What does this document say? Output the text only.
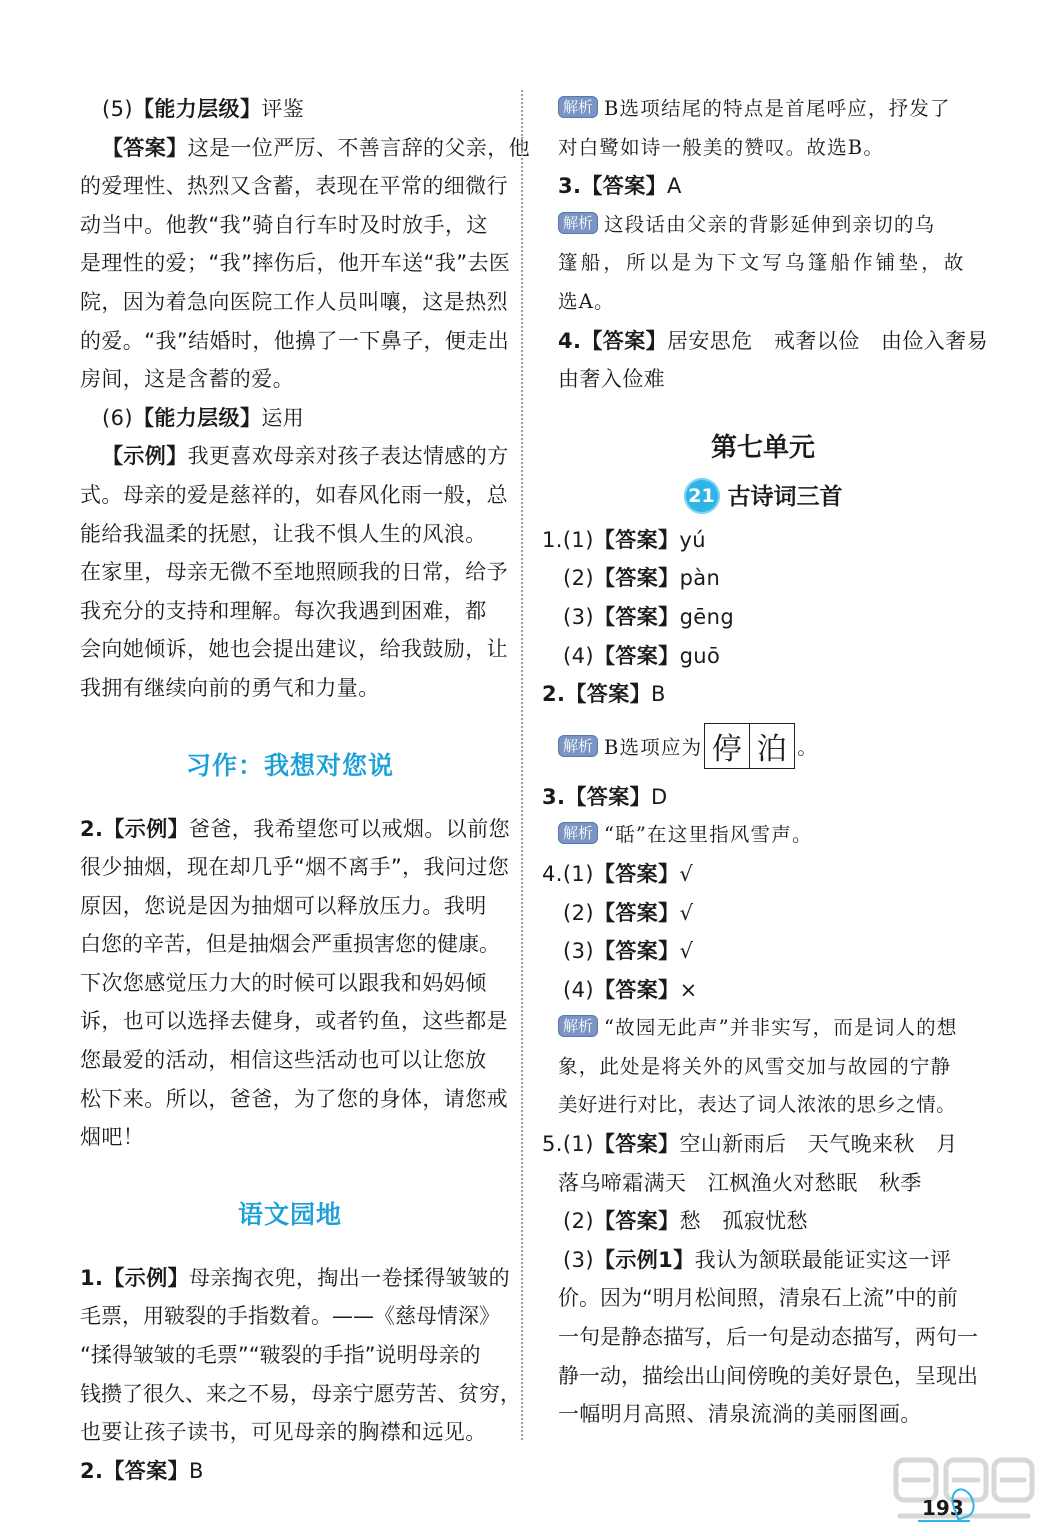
(5)【能力层级】评鉴
【答案】这是一位严厉、不善言辞的父亲，他
的爱理性、热烈又含蓄，表现在平常的细微行
动当中。他教“我”骑自行车时及时放手，这
是理性的爱；“我”摔伤后，他开车送“我”去医
院，因为着急向医院工作人员叫嚷，这是热烈
的爱。“我”结婚时，他擤了一下鼻子，便走出
房间，这是含蓄的爱。
(6)【能力层级】运用
【示例】我更喜欢母亲对孩子表达情感的方
式。母亲的爱是慈祥的，如春风化雨一般，总
能给我温柔的抚慰，让我不惧人生的风浪。
在家里，母亲无微不至地照顾我的日常，给予
我充分的支持和理解。每次我遇到困难，都
会向她倾诉，她也会提出建议，给我鼓励，让
我拥有继续向前的勇气和力量。
习作：我想对您说
2.【示例】爸爸，我希望您可以戒烟。以前您
很少抽烟，现在却几乎“烟不离手”，我问过您
原因，您说是因为抽烟可以释放压力。我明
白您的辛苦，但是抽烟会严重损害您的健康。
下次您感觉压力大的时候可以跟我和妈妈倾
诉，也可以选择去健身，或者钓鱼，这些都是
您最爱的活动，相信这些活动也可以让您放
松下来。所以，爸爸，为了您的身体，请您戒
烟吧！
语文园地
1.【示例】母亲掏衣兜，掏出一卷揉得皱皱的
毛票，用皲裂的手指数着。——《慈母情深》
“揉得皱皱的毛票”“皲裂的手指”说明母亲的
钱攒了很久、来之不易，母亲宁愿劳苦、贫穷，
也要让孩子读书，可见母亲的胸襟和远见。
2.【答案】B
解析 B选项结尾的特点是首尾呼应，抒发了
对白鹭如诗一般美的赞叹。故选B。
3.【答案】A
解析 这段话由父亲的背影延伸到亲切的乌
篷船，所以是为下文写乌篷船作铺垫，故
选A。
4.【答案】居安思危　戒奢以俭　由俭入奢易
由奢入俭难
第七单元
21 古诗词三首
1.(1)【答案】yú
(2)【答案】pàn
(3)【答案】gēng
(4)【答案】guō
2.【答案】B
解析 B选项应为 停 泊 。
3.【答案】D
解析 “聒”在这里指风雪声。
4.(1)【答案】√
(2)【答案】√
(3)【答案】√
(4)【答案】×
解析 “故园无此声”并非实写，而是词人的想
象，此处是将关外的风雪交加与故园的宁静
美好进行对比，表达了词人浓浓的思乡之情。
5.(1)【答案】空山新雨后　天气晚来秋　月
落乌啼霜满天　江枫渔火对愁眠　秋季
(2)【答案】愁　孤寂忧愁
(3)【示例1】我认为颔联最能证实这一评
价。因为“明月松间照，清泉石上流”中的前
一句是静态描写，后一句是动态描写，两句一
静一动，描绘出山间傍晚的美好景色，呈现出
一幅明月高照、清泉流淌的美丽图画。
193
